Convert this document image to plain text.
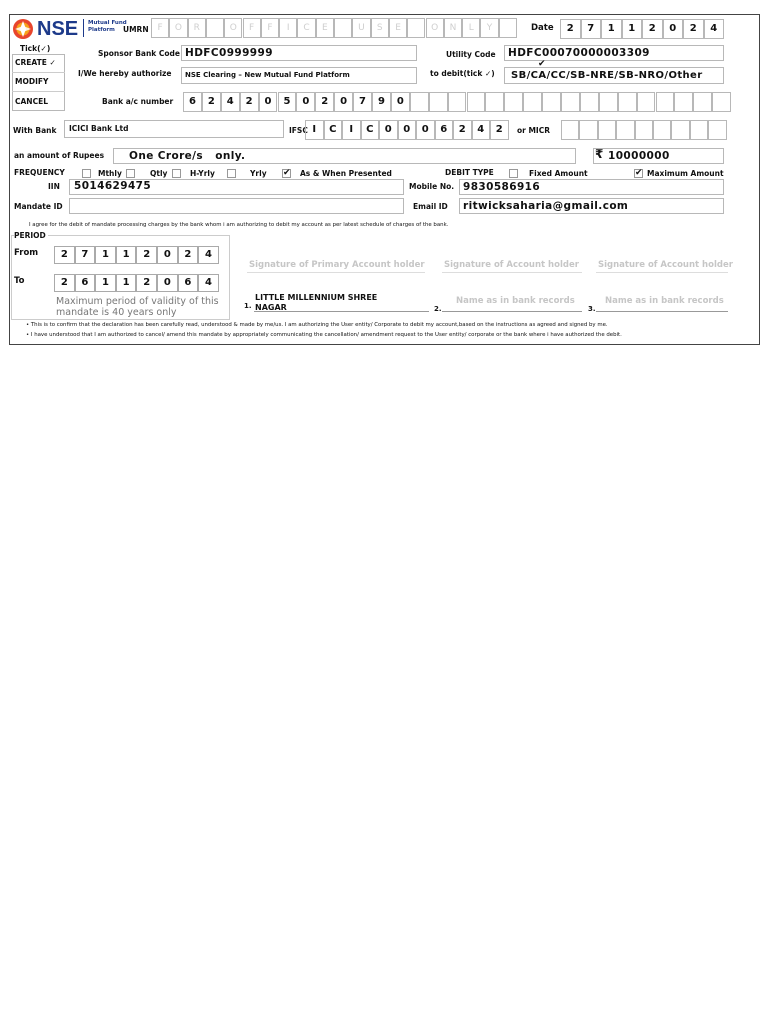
NSE Mutual Fund
Platform	UMRN F	O	R	O	F	F	I	C	E	U	S	E	O	N	L	Y	Date	2	7	1	1	2	0	2	4
Tick(✓)
CREATE ✓
MODIFY
CANCEL
Sponsor Bank Code HDFC0999999	Utility Code HDFC00070000003309
I/We hereby authorize NSE Clearing – New Mutual Fund Platform	to debit(tick ✓)
✔
SB/CA/CC/SB-NRE/SB-NRO/Other
Bank a/c number	6	2	4	2	0	5	0	2	0	7	9	0
With Bank ICICI Bank Ltd	IFSC I	C	I	C	0	0	0	6	2	4	2	or MICR
an amount of Rupees One Crore/s   only.	₹ 10000000
FREQUENCY	Mthly	Qtly	H-Yrly	Yrly ✔ As & When Presented	DEBIT TYPE	Fixed Amount	✔ Maximum Amount
IIN 5014629475	Mobile No. 9830586916
Mandate ID	Email ID ritwicksaharia@gmail.com
I agree for the debit of mandate processing charges by the bank whom i am authorizing to debit my account as per latest schedule of charges of the bank.
PERIOD
From	2	7	1	1	2	0	2	4
To	2	6	1	1	2	0	6	4
Maximum period of validity of this
mandate is 40 years only
Signature of Primary Account holder Signature of Account holder Signature of Account holder
1.
LITTLE MILLENNIUM SHREE
NAGAR	2.
Name as in bank records
3.
Name as in bank records
• This is to confirm that the declaration has been carefully read, understood & made by me/us. I am authorizing the User entity/ Corporate to debit my account,based on the instructions as agreed and signed by me.
• I have understood that I am authorized to cancel/ amend this mandate by appropriately communicating the cancellation/ amendment request to the User entity/ corporate or the bank where i have authorized the debit.
